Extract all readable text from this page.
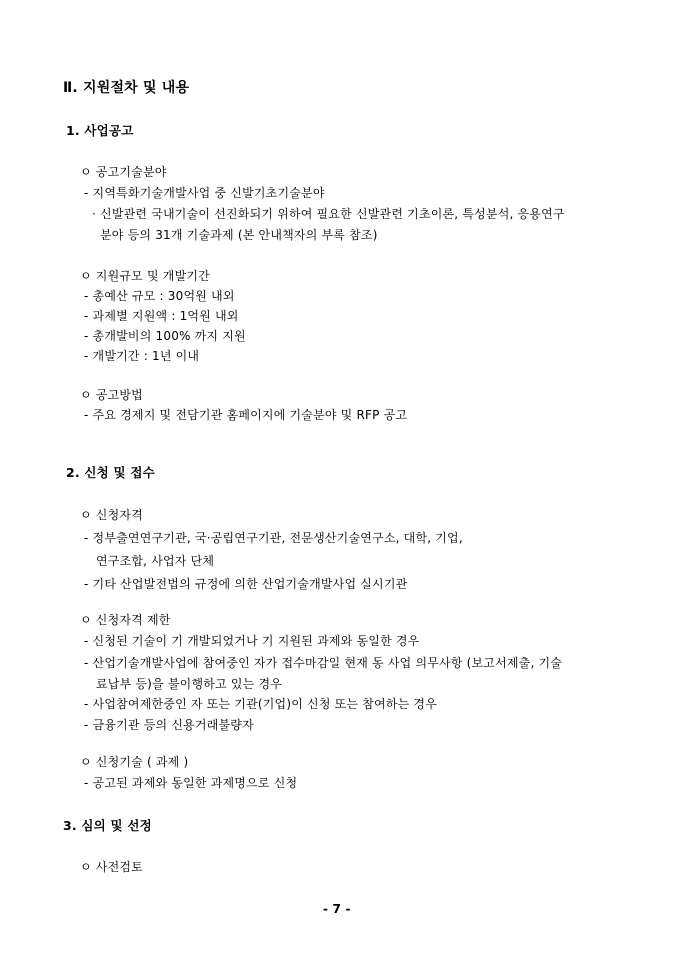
Ⅱ. 지원절차 및 내용
1. 사업공고
ㅇ 공고기술분야
- 지역특화기술개발사업 중 신발기초기술분야
· 신발관련 국내기술이 선진화되기 위하여 필요한 신발관련 기초이론, 특성분석, 응용연구
분야 등의 31개 기술과제 (본 안내책자의 부록 참조)
ㅇ 지원규모 및 개발기간
- 총예산 규모 : 30억원 내외
- 과제별 지원액 : 1억원 내외
- 총개발비의 100% 까지 지원
- 개발기간 : 1년 이내
ㅇ 공고방법
- 주요 경제지 및 전담기관 홈페이지에 기술분야 및 RFP 공고
2. 신청 및 접수
ㅇ 신청자격
- 정부출연연구기관, 국·공립연구기관, 전문생산기술연구소, 대학, 기업,
연구조합, 사업자 단체
- 기타 산업발전법의 규정에 의한 산업기술개발사업 실시기관
ㅇ 신청자격 제한
- 신청된 기술이 기 개발되었거나 기 지원된 과제와 동일한 경우
- 산업기술개발사업에 참여중인 자가 접수마감일 현재 동 사업 의무사항 (보고서제출, 기술
료납부 등)을 불이행하고 있는 경우
- 사업참여제한중인 자 또는 기관(기업)이 신청 또는 참여하는 경우
- 금융기관 등의 신용거래불량자
ㅇ 신청기술 ( 과제 )
- 공고된 과제와 동일한 과제명으로 신청
3. 심의 및 선정
ㅇ 사전검토
- 7 -
